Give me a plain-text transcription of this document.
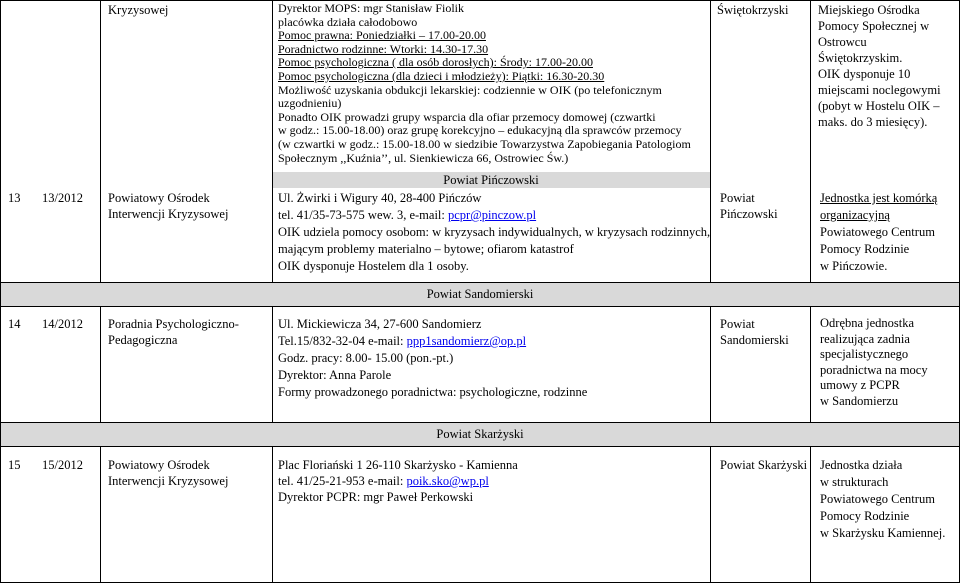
Kryzysowej	Dyrektor MOPS: mgr Stanisław Fiolik
placówka działa całodobowo
Pomoc prawna: Poniedziałki – 17.00-20.00
Poradnictwo rodzinne: Wtorki: 14.30-17.30
Pomoc psychologiczna ( dla osób dorosłych): Środy: 17.00-20.00
Pomoc psychologiczna (dla dzieci i młodzieży): Piątki: 16.30-20.30
Możliwość uzyskania obdukcji lekarskiej: codziennie w OIK (po telefonicznym
uzgodnieniu)
Ponadto OIK prowadzi grupy wsparcia dla ofiar przemocy domowej (czwartki
w godz.: 15.00-18.00) oraz grupę korekcyjno – edukacyjną dla sprawców przemocy
(w czwartki w godz.: 15.00-18.00 w siedzibie Towarzystwa Zapobiegania Patologiom
Społecznym ,,Kuźnia’’, ul. Sienkiewicza 66, Ostrowiec Św.)
Świętokrzyski Miejskiego Ośrodka
Pomocy Społecznej w
Ostrowcu
Świętokrzyskim.
OIK dysponuje 10
miejscami noclegowymi
(pobyt w Hostelu OIK –
maks. do 3 miesięcy).
Powiat Pińczowski
13 13/2012 Powiatowy Ośrodek
Interwencji Kryzysowej
Ul. Żwirki i Wigury 40, 28-400 Pińczów
tel. 41/35-73-575 wew. 3, e-mail: pcpr@pinczow.pl
OIK udziela pomocy osobom: w kryzysach indywidualnych, w kryzysach rodzinnych,
mającym problemy materialno – bytowe; ofiarom katastrof
OIK dysponuje Hostelem dla 1 osoby.
Powiat
Pińczowski
Jednostka jest komórką
organizacyjną
Powiatowego Centrum
Pomocy Rodzinie
w Pińczowie.
Powiat Sandomierski
14 14/2012 Poradnia Psychologiczno-
Pedagogiczna
Ul. Mickiewicza 34, 27-600 Sandomierz
Tel.15/832-32-04 e-mail: ppp1sandomierz@op.pl
Godz. pracy: 8.00- 15.00 (pon.-pt.)
Dyrektor: Anna Parole
Formy prowadzonego poradnictwa: psychologiczne, rodzinne
Powiat
Sandomierski
Odrębna jednostka
realizująca zadnia
specjalistycznego
poradnictwa na mocy
umowy z PCPR
w Sandomierzu
Powiat Skarżyski
15 15/2012 Powiatowy Ośrodek
Interwencji Kryzysowej
Plac Floriański 1 26-110 Skarżysko - Kamienna
tel. 41/25-21-953 e-mail: poik.sko@wp.pl
Dyrektor PCPR: mgr Paweł Perkowski
Powiat Skarżyski Jednostka działa
w strukturach
Powiatowego Centrum
Pomocy Rodzinie
w Skarżysku Kamiennej.
